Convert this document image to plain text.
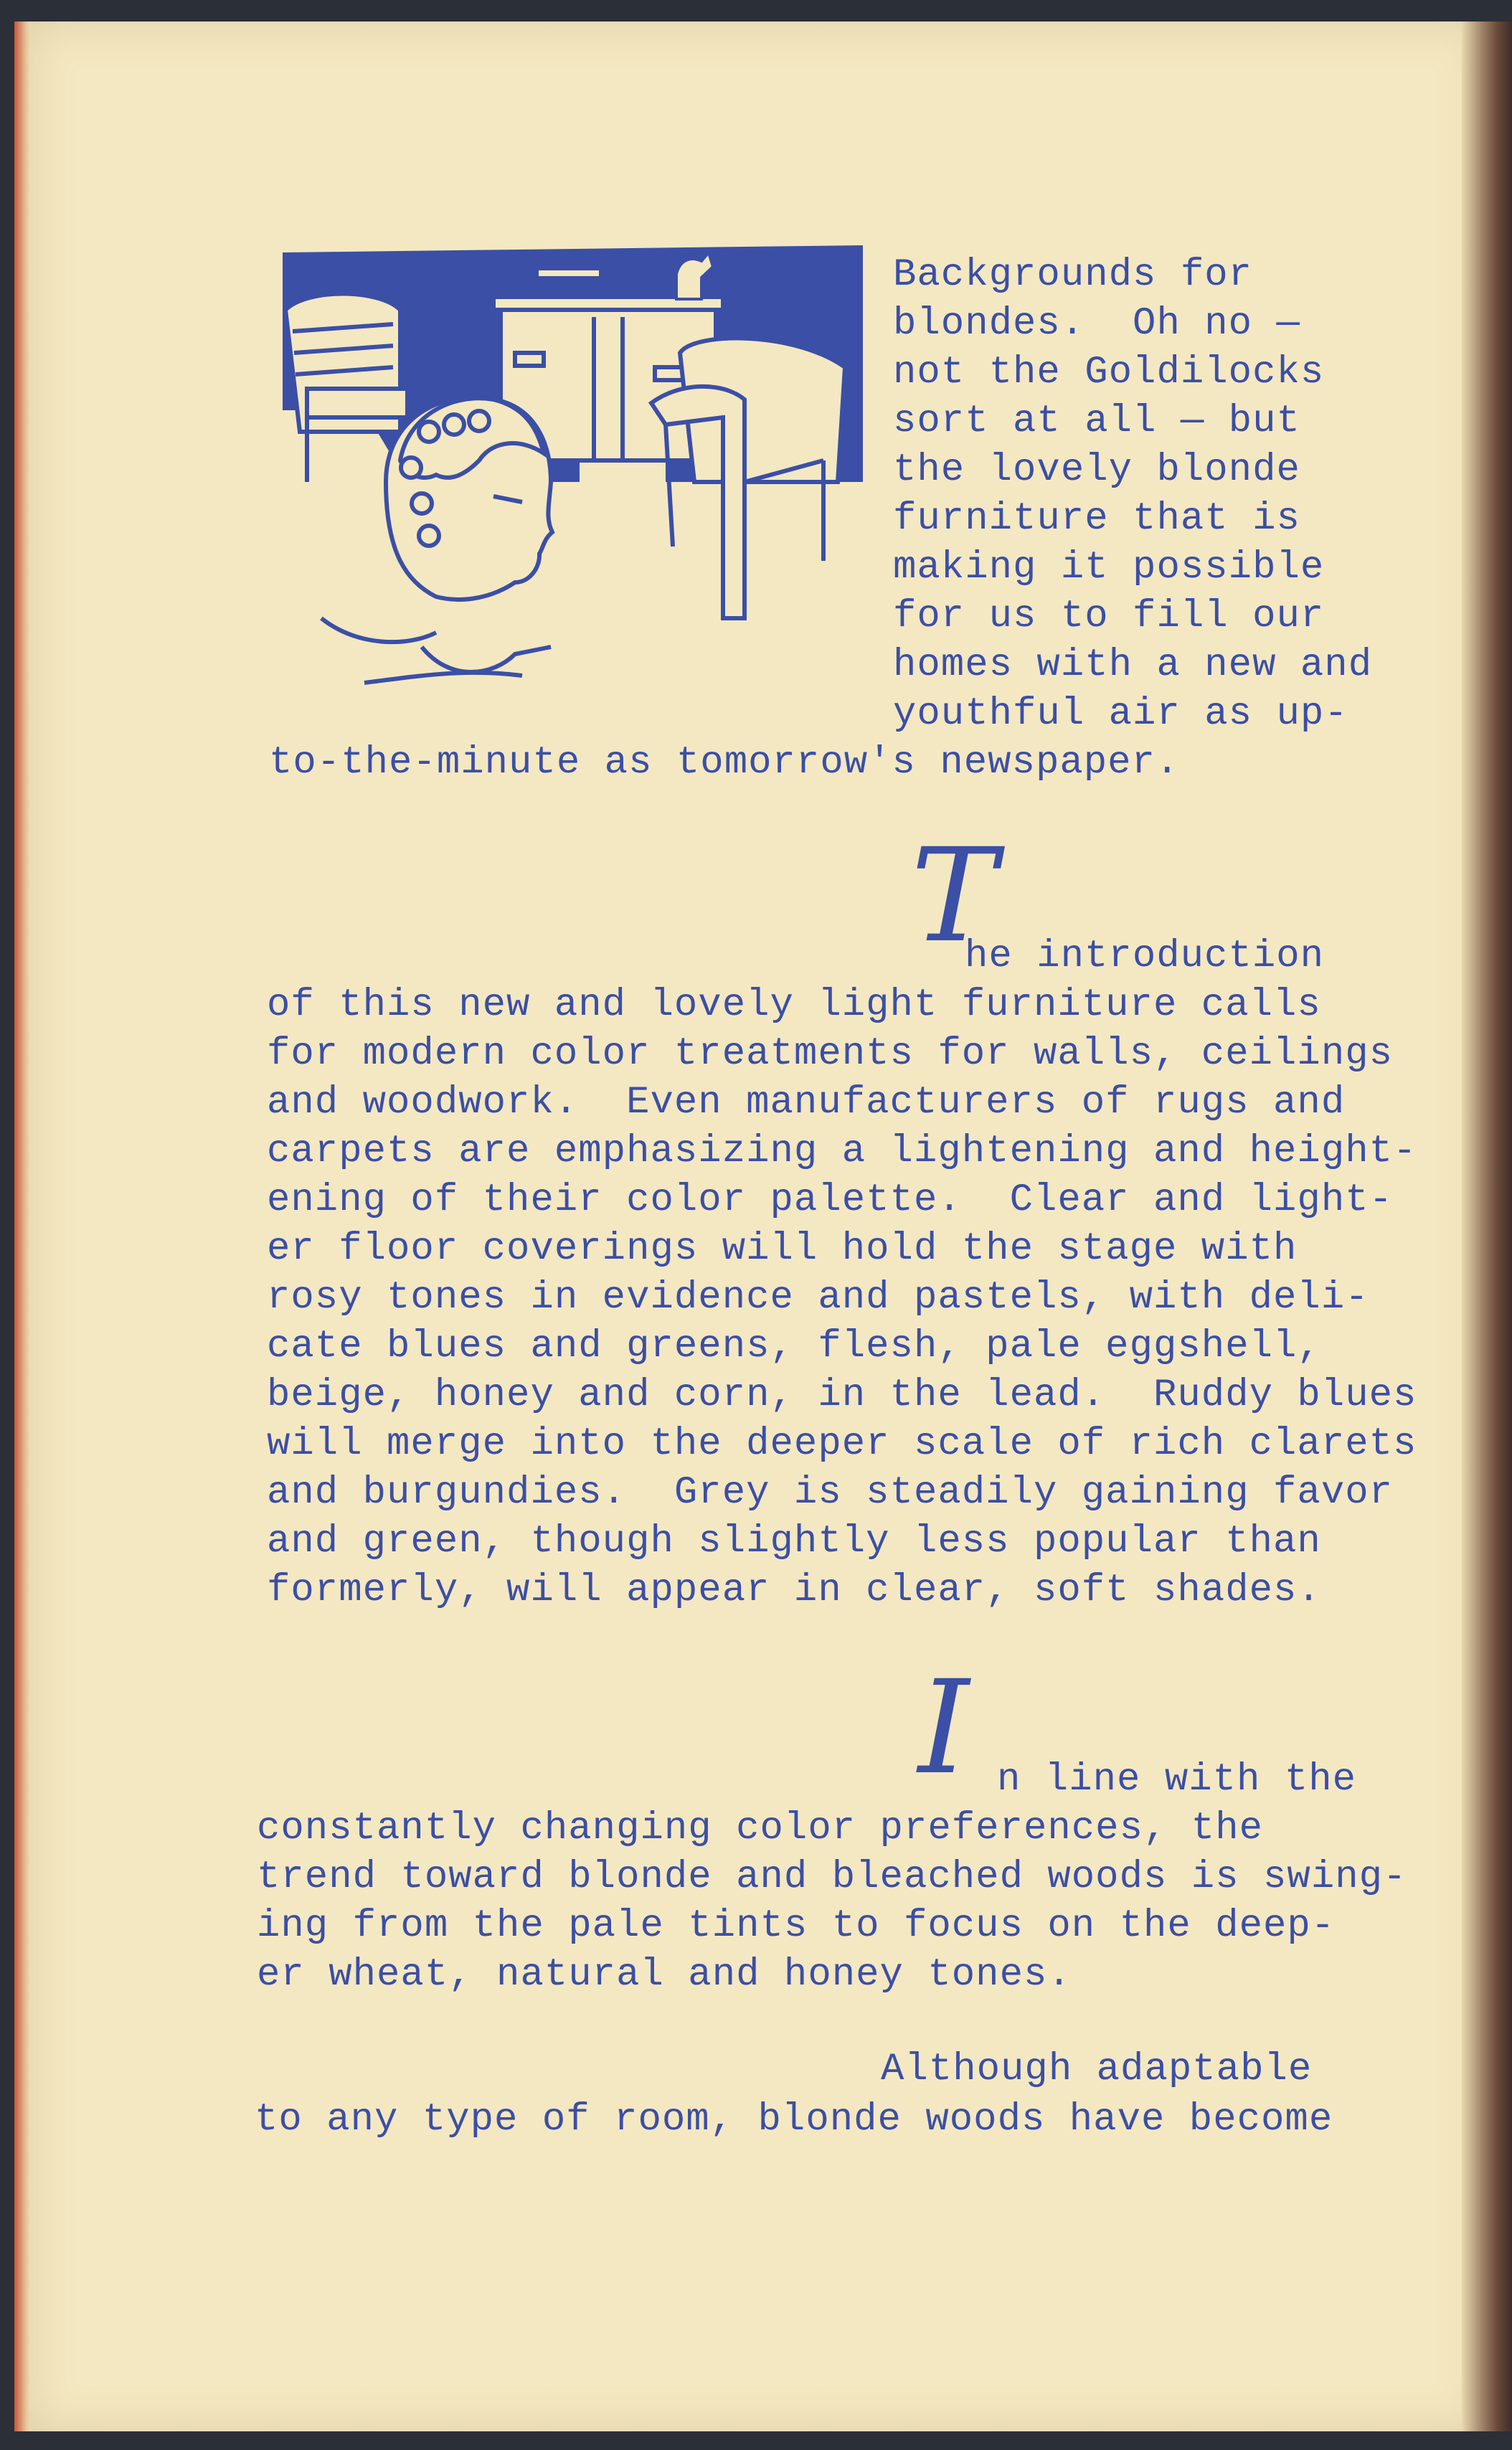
Backgrounds for
blondes.  Oh no —
not the Goldilocks
sort at all — but
the lovely blonde
furniture that is
making it possible
for us to fill our
homes with a new and
youthful air as up-
to-the-minute as tomorrow's newspaper.
T
he introduction
of this new and lovely light furniture calls
for modern color treatments for walls, ceilings
and woodwork.  Even manufacturers of rugs and
carpets are emphasizing a lightening and height-
ening of their color palette.  Clear and light-
er floor coverings will hold the stage with
rosy tones in evidence and pastels, with deli-
cate blues and greens, flesh, pale eggshell,
beige, honey and corn, in the lead.  Ruddy blues
will merge into the deeper scale of rich clarets
and burgundies.  Grey is steadily gaining favor
and green, though slightly less popular than
formerly, will appear in clear, soft shades.
I n line with the
constantly changing color preferences, the
trend toward blonde and bleached woods is swing-
ing from the pale tints to focus on the deep-
er wheat, natural and honey tones.
Although adaptable
to any type of room, blonde woods have become
